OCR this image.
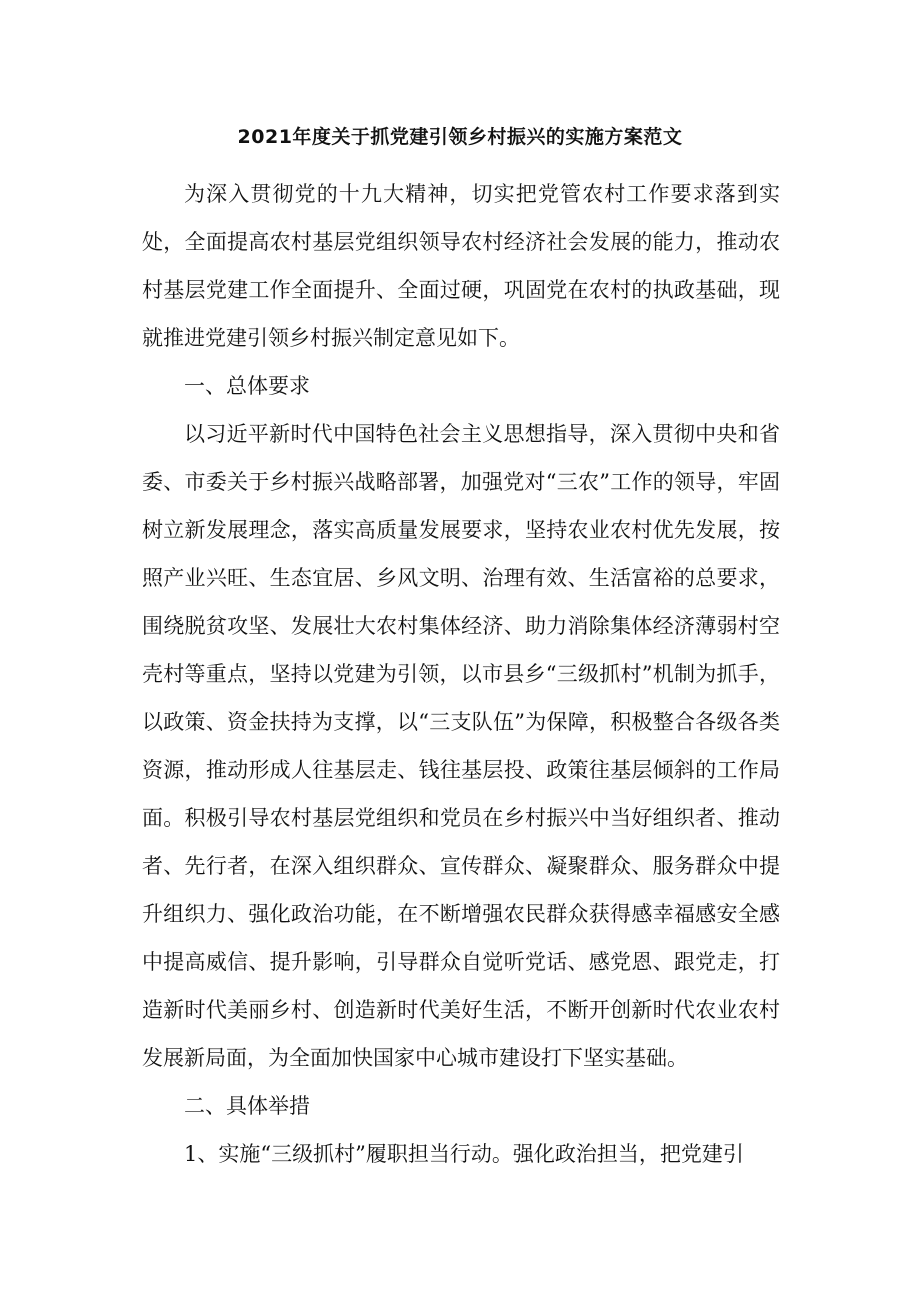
2021年度关于抓党建引领乡村振兴的实施方案范文

为深入贯彻党的十九大精神，切实把党管农村工作要求落到实处，全面提高农村基层党组织领导农村经济社会发展的能力，推动农村基层党建工作全面提升、全面过硬，巩固党在农村的执政基础，现就推进党建引领乡村振兴制定意见如下。

一、总体要求

以习近平新时代中国特色社会主义思想指导，深入贯彻中央和省委、市委关于乡村振兴战略部署，加强党对“三农”工作的领导，牢固树立新发展理念，落实高质量发展要求，坚持农业农村优先发展，按照产业兴旺、生态宜居、乡风文明、治理有效、生活富裕的总要求，围绕脱贫攻坚、发展壮大农村集体经济、助力消除集体经济薄弱村空壳村等重点，坚持以党建为引领，以市县乡“三级抓村”机制为抓手，以政策、资金扶持为支撑，以“三支队伍”为保障，积极整合各级各类资源，推动形成人往基层走、钱往基层投、政策往基层倾斜的工作局面。积极引导农村基层党组织和党员在乡村振兴中当好组织者、推动者、先行者，在深入组织群众、宣传群众、凝聚群众、服务群众中提升组织力、强化政治功能，在不断增强农民群众获得感幸福感安全感中提高威信、提升影响，引导群众自觉听党话、感党恩、跟党走，打造新时代美丽乡村、创造新时代美好生活，不断开创新时代农业农村发展新局面，为全面加快国家中心城市建设打下坚实基础。

二、具体举措

1、实施“三级抓村”履职担当行动。强化政治担当，把党建引
